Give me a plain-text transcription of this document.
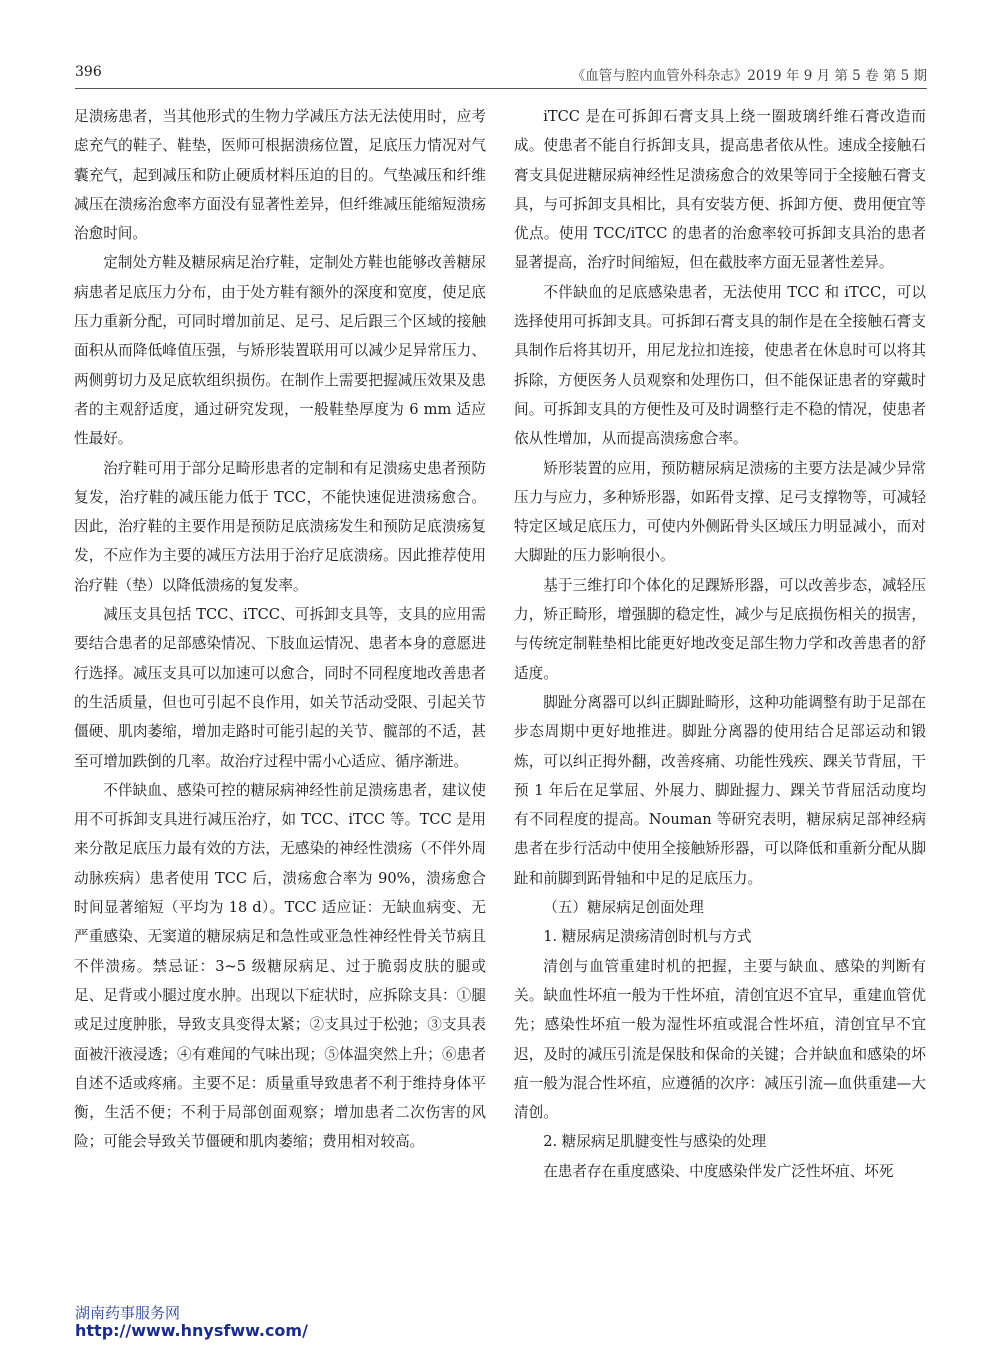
396	《血管与腔内血管外科杂志》2019 年 9 月 第 5 卷 第 5 期

足溃疡患者，当其他形式的生物力学减压方法无法使用时，应考虑充气的鞋子、鞋垫，医师可根据溃疡位置，足底压力情况对气囊充气，起到减压和防止硬质材料压迫的目的。气垫减压和纤维减压在溃疡治愈率方面没有显著性差异，但纤维减压能缩短溃疡治愈时间。

定制处方鞋及糖尿病足治疗鞋，定制处方鞋也能够改善糖尿病患者足底压力分布，由于处方鞋有额外的深度和宽度，使足底压力重新分配，可同时增加前足、足弓、足后跟三个区域的接触面积从而降低峰值压强，与矫形装置联用可以减少足异常压力、两侧剪切力及足底软组织损伤。在制作上需要把握减压效果及患者的主观舒适度，通过研究发现，一般鞋垫厚度为 6 mm 适应性最好。

治疗鞋可用于部分足畸形患者的定制和有足溃疡史患者预防复发，治疗鞋的减压能力低于 TCC，不能快速促进溃疡愈合。因此，治疗鞋的主要作用是预防足底溃疡发生和预防足底溃疡复发，不应作为主要的减压方法用于治疗足底溃疡。因此推荐使用治疗鞋（垫）以降低溃疡的复发率。

减压支具包括 TCC、iTCC、可拆卸支具等，支具的应用需要结合患者的足部感染情况、下肢血运情况、患者本身的意愿进行选择。减压支具可以加速可以愈合，同时不同程度地改善患者的生活质量，但也可引起不良作用，如关节活动受限、引起关节僵硬、肌肉萎缩，增加走路时可能引起的关节、髋部的不适，甚至可增加跌倒的几率。故治疗过程中需小心适应、循序渐进。

不伴缺血、感染可控的糖尿病神经性前足溃疡患者，建议使用不可拆卸支具进行减压治疗，如 TCC、iTCC 等。TCC 是用来分散足底压力最有效的方法，无感染的神经性溃疡（不伴外周动脉疾病）患者使用 TCC 后，溃疡愈合率为 90%，溃疡愈合时间显著缩短（平均为 18 d）。TCC 适应证：无缺血病变、无严重感染、无窦道的糖尿病足和急性或亚急性神经性骨关节病且不伴溃疡。禁忌证：3~5 级糖尿病足、过于脆弱皮肤的腿或足、足背或小腿过度水肿。出现以下症状时，应拆除支具：①腿或足过度肿胀，导致支具变得太紧；②支具过于松弛；③支具表面被汗液浸透；④有难闻的气味出现；⑤体温突然上升；⑥患者自述不适或疼痛。主要不足：质量重导致患者不利于维持身体平衡，生活不便；不利于局部创面观察；增加患者二次伤害的风险；可能会导致关节僵硬和肌肉萎缩；费用相对较高。

iTCC 是在可拆卸石膏支具上绕一圈玻璃纤维石膏改造而成。使患者不能自行拆卸支具，提高患者依从性。速成全接触石膏支具促进糖尿病神经性足溃疡愈合的效果等同于全接触石膏支具，与可拆卸支具相比，具有安装方便、拆卸方便、费用便宜等优点。使用 TCC/iTCC 的患者的治愈率较可拆卸支具治的患者显著提高，治疗时间缩短，但在截肢率方面无显著性差异。

不伴缺血的足底感染患者，无法使用 TCC 和 iTCC，可以选择使用可拆卸支具。可拆卸石膏支具的制作是在全接触石膏支具制作后将其切开，用尼龙拉扣连接，使患者在休息时可以将其拆除，方便医务人员观察和处理伤口，但不能保证患者的穿戴时间。可拆卸支具的方便性及可及时调整行走不稳的情况，使患者依从性增加，从而提高溃疡愈合率。

矫形装置的应用，预防糖尿病足溃疡的主要方法是减少异常压力与应力，多种矫形器，如跖骨支撑、足弓支撑物等，可减轻特定区域足底压力，可使内外侧跖骨头区域压力明显减小，而对大脚趾的压力影响很小。

基于三维打印个体化的足踝矫形器，可以改善步态，减轻压力，矫正畸形，增强脚的稳定性，减少与足底损伤相关的损害，与传统定制鞋垫相比能更好地改变足部生物力学和改善患者的舒适度。

脚趾分离器可以纠正脚趾畸形，这种功能调整有助于足部在步态周期中更好地推进。脚趾分离器的使用结合足部运动和锻炼，可以纠正拇外翻，改善疼痛、功能性残疾、踝关节背屈，干预 1 年后在足掌屈、外展力、脚趾握力、踝关节背屈活动度均有不同程度的提高。Nouman 等研究表明，糖尿病足部神经病患者在步行活动中使用全接触矫形器，可以降低和重新分配从脚趾和前脚到跖骨轴和中足的足底压力。

（五）糖尿病足创面处理

1. 糖尿病足溃疡清创时机与方式

清创与血管重建时机的把握，主要与缺血、感染的判断有关。缺血性坏疽一般为干性坏疽，清创宜迟不宜早，重建血管优先；感染性坏疽一般为湿性坏疽或混合性坏疽，清创宜早不宜迟，及时的减压引流是保肢和保命的关键；合并缺血和感染的坏疽一般为混合性坏疽，应遵循的次序：减压引流—血供重建—大清创。

2. 糖尿病足肌腱变性与感染的处理

在患者存在重度感染、中度感染伴发广泛性坏疽、坏死

湖南药事服务网
http://www.hnysfww.com/
